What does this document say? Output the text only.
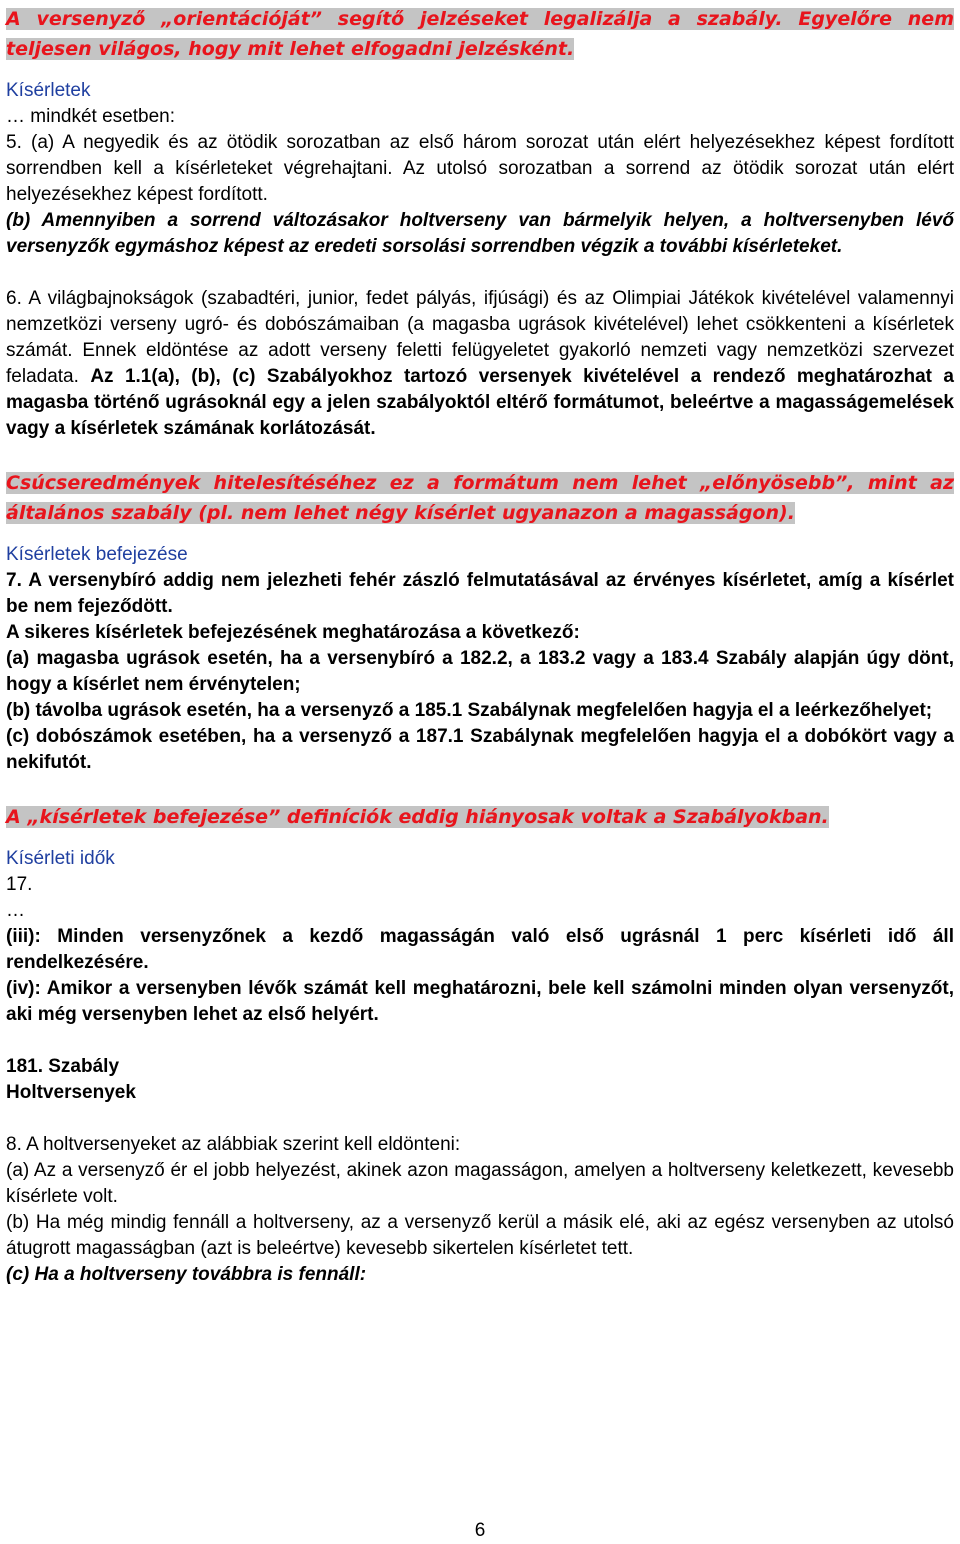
A versenyző „orientációját” segítő jelzéseket legalizálja a szabály. Egyelőre nem teljesen világos, hogy mit lehet elfogadni jelzésként.

Kísérletek

… mindkét esetben:

5. (a) A negyedik és az ötödik sorozatban az első három sorozat után elért helyezésekhez képest fordított sorrendben kell a kísérleteket végrehajtani. Az utolsó sorozatban a sorrend az ötödik sorozat után elért helyezésekhez képest fordított.

(b) Amennyiben a sorrend változásakor holtverseny van bármelyik helyen, a holtversenyben lévő versenyzők egymáshoz képest az eredeti sorsolási sorrendben végzik a további kísérleteket.

6. A világbajnokságok (szabadtéri, junior, fedet pályás, ifjúsági) és az Olimpiai Játékok kivételével valamennyi nemzetközi verseny ugró- és dobószámaiban (a magasba ugrások kivételével) lehet csökkenteni a kísérletek számát. Ennek eldöntése az adott verseny feletti felügyeletet gyakorló nemzeti vagy nemzetközi szervezet feladata. Az 1.1(a), (b), (c) Szabályokhoz tartozó versenyek kivételével a rendező meghatározhat a magasba történő ugrásoknál egy a jelen szabályoktól eltérő formátumot, beleértve a magasságemelések vagy a kísérletek számának korlátozását.

Csúcseredmények hitelesítéséhez ez a formátum nem lehet „előnyösebb”, mint az általános szabály (pl. nem lehet négy kísérlet ugyanazon a magasságon).

Kísérletek befejezése

7. A versenybíró addig nem jelezheti fehér zászló felmutatásával az érvényes kísérletet, amíg a kísérlet be nem fejeződött.

A sikeres kísérletek befejezésének meghatározása a következő:

(a) magasba ugrások esetén, ha a versenybíró a 182.2, a 183.2 vagy a 183.4 Szabály alapján úgy dönt, hogy a kísérlet nem érvénytelen;

(b) távolba ugrások esetén, ha a versenyző a 185.1 Szabálynak megfelelően hagyja el a leérkezőhelyet;

(c) dobószámok esetében, ha a versenyző a 187.1 Szabálynak megfelelően hagyja el a dobókört vagy a nekifutót.

A „kísérletek befejezése” definíciók eddig hiányosak voltak a Szabályokban.

Kísérleti idők

17.

…

(iii): Minden versenyzőnek a kezdő magasságán való első ugrásnál 1 perc kísérleti idő áll rendelkezésére.

(iv): Amikor a versenyben lévők számát kell meghatározni, bele kell számolni minden olyan versenyzőt, aki még versenyben lehet az első helyért.

181. Szabály

Holtversenyek

8. A holtversenyeket az alábbiak szerint kell eldönteni:

(a) Az a versenyző ér el jobb helyezést, akinek azon magasságon, amelyen a holtverseny keletkezett, kevesebb kísérlete volt.

(b) Ha még mindig fennáll a holtverseny, az a versenyző kerül a másik elé, aki az egész versenyben az utolsó átugrott magasságban (azt is beleértve) kevesebb sikertelen kísérletet tett.

(c) Ha a holtverseny továbbra is fennáll:

6
